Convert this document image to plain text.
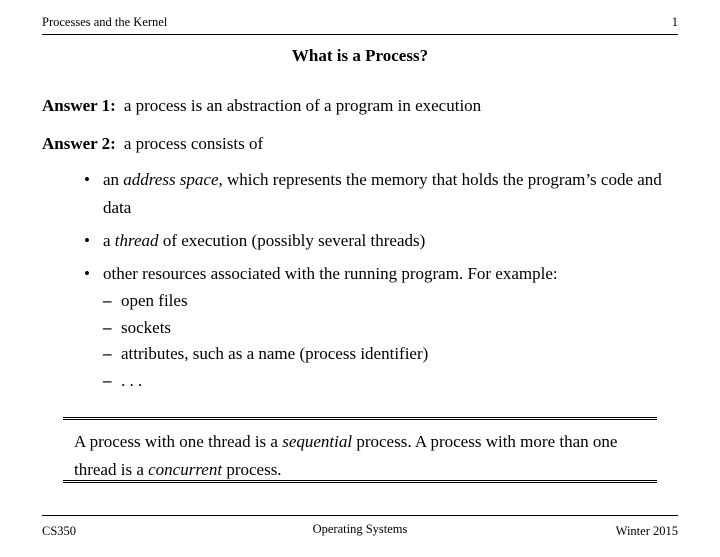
Processes and the Kernel	1
What is a Process?
Answer 1: a process is an abstraction of a program in execution
Answer 2: a process consists of
• an address space, which represents the memory that holds the program’s code and data
• a thread of execution (possibly several threads)
• other resources associated with the running program. For example:
– open files
– sockets
– attributes, such as a name (process identifier)
– . . .
A process with one thread is a sequential process. A process with more than one thread is a concurrent process.
CS350	Operating Systems	Winter 2015
